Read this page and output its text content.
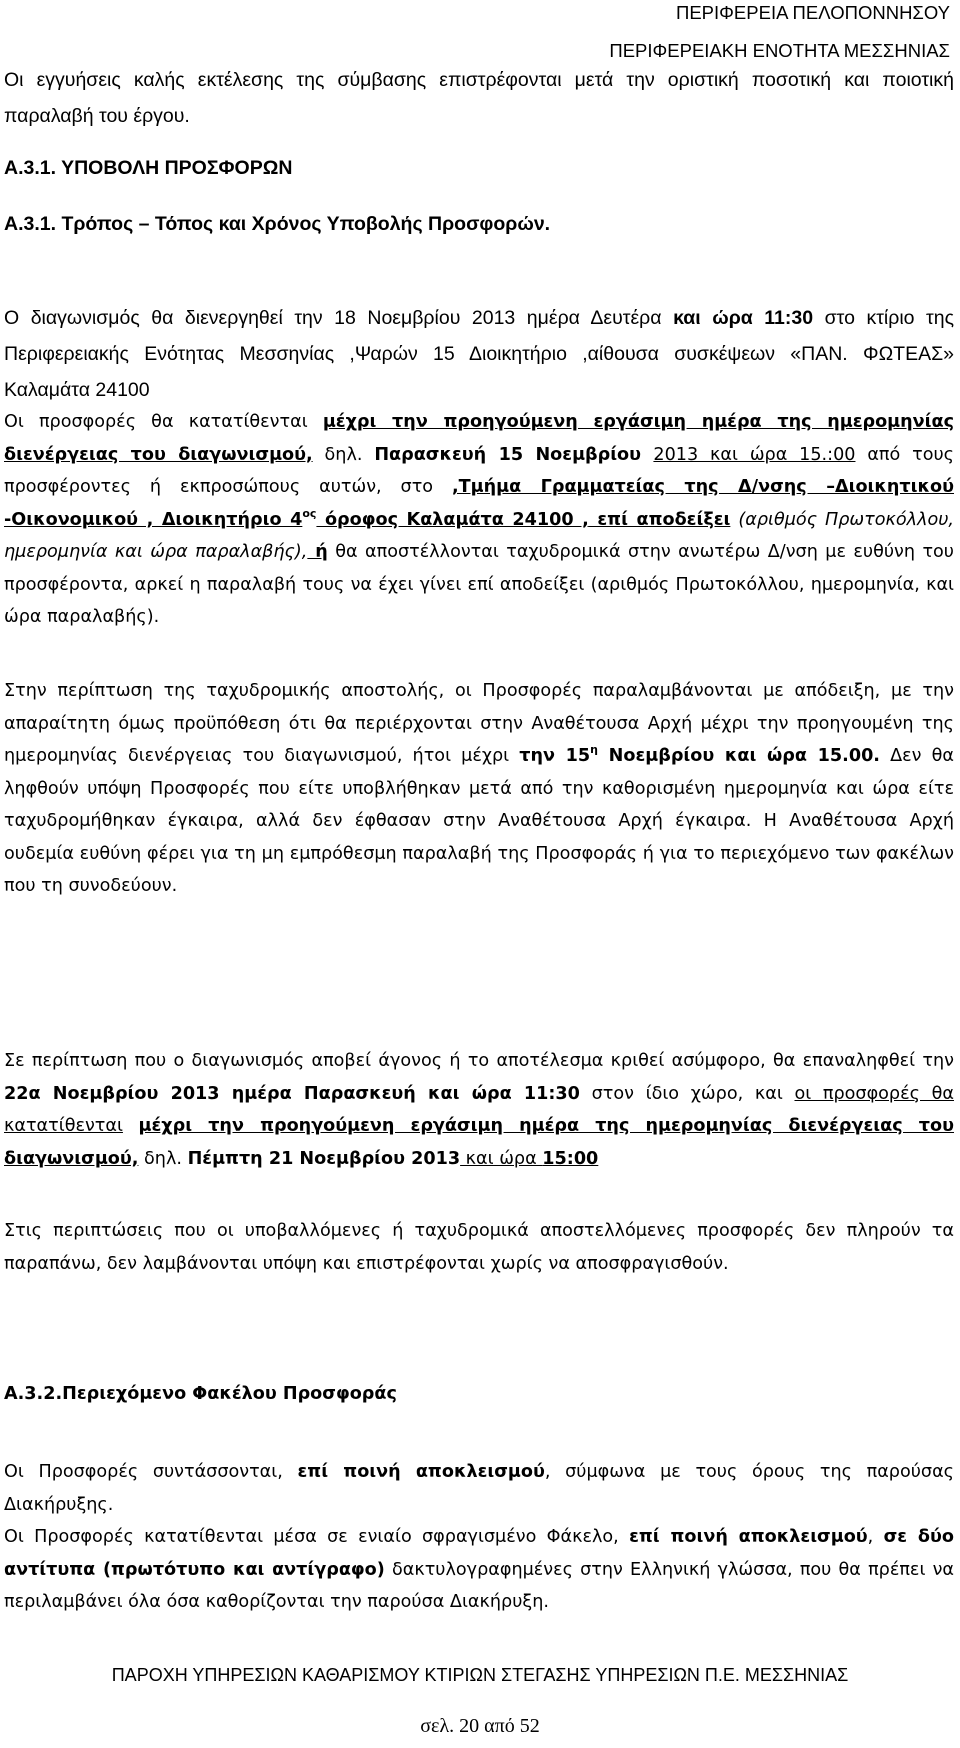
ΠΕΡΙΦΕΡΕΙΑ ΠΕΛΟΠΟΝΝΗΣΟΥ
ΠΕΡΙΦΕΡΕΙΑΚΗ ΕΝΟΤΗΤΑ ΜΕΣΣΗΝΙΑΣ
Οι εγγυήσεις καλής εκτέλεσης της σύμβασης επιστρέφονται μετά την οριστική ποσοτική και ποιοτική παραλαβή του έργου.
Α.3.1. ΥΠΟΒΟΛΗ ΠΡΟΣΦΟΡΩΝ
Α.3.1. Τρόπος – Τόπος και Χρόνος Υποβολής Προσφορών.
Ο διαγωνισμός θα διενεργηθεί την 18 Νοεμβρίου 2013 ημέρα Δευτέρα και ώρα 11:30 στο κτίριο της Περιφερειακής Ενότητας Μεσσηνίας ,Ψαρών 15 Διοικητήριο ,αίθουσα συσκέψεων «ΠΑΝ. ΦΩΤΕΑΣ» Καλαμάτα 24100
Οι προσφορές θα κατατίθενται μέχρι την προηγούμενη εργάσιμη ημέρα της ημερομηνίας διενέργειας του διαγωνισμού, δηλ. Παρασκευή 15 Νοεμβρίου 2013 και ώρα 15.:00 από τους προσφέροντες ή εκπροσώπους αυτών, στο ,Τμήμα Γραμματείας της Δ/νσης –Διοικητικού -Οικονομικού , Διοικητήριο $4^{o\varsigma}$ όροφος Καλαμάτα 24100 , επί αποδείξει (αριθμός Πρωτοκόλλου, ημερομηνία και ώρα παραλαβής), ή θα αποστέλλονται ταχυδρομικά στην ανωτέρω Δ/νση με ευθύνη του προσφέροντα, αρκεί η παραλαβή τους να έχει γίνει επί αποδείξει (αριθμός Πρωτοκόλλου, ημερομηνία, και ώρα παραλαβής).
Στην περίπτωση της ταχυδρομικής αποστολής, οι Προσφορές παραλαμβάνονται με απόδειξη, με την απαραίτητη όμως προϋπόθεση ότι θα περιέρχονται στην Αναθέτουσα Αρχή μέχρι την προηγουμένη της ημερομηνίας διενέργειας του διαγωνισμού, ήτοι μέχρι την $15^\eta$ Νοεμβρίου και ώρα 15.00. Δεν θα ληφθούν υπόψη Προσφορές που είτε υποβλήθηκαν μετά από την καθορισμένη ημερομηνία και ώρα είτε ταχυδρομήθηκαν έγκαιρα, αλλά δεν έφθασαν στην Αναθέτουσα Αρχή έγκαιρα. Η Αναθέτουσα Αρχή ουδεμία ευθύνη φέρει για τη μη εμπρόθεσμη παραλαβή της Προσφοράς ή για το περιεχόμενο των φακέλων που τη συνοδεύουν.
Σε περίπτωση που ο διαγωνισμός αποβεί άγονος ή το αποτέλεσμα κριθεί ασύμφορο, θα επαναληφθεί την 22α Νοεμβρίου 2013 ημέρα Παρασκευή και ώρα 11:30 στον ίδιο χώρο, και οι προσφορές θα κατατίθενται μέχρι την προηγούμενη εργάσιμη ημέρα της ημερομηνίας διενέργειας του διαγωνισμού, δηλ. Πέμπτη 21 Νοεμβρίου 2013 και ώρα 15:00
Στις περιπτώσεις που οι υποβαλλόμενες ή ταχυδρομικά αποστελλόμενες προσφορές δεν πληρούν τα παραπάνω, δεν λαμβάνονται υπόψη και επιστρέφονται χωρίς να αποσφραγισθούν.
Α.3.2.Περιεχόμενο Φακέλου Προσφοράς
Οι Προσφορές συντάσσονται, επί ποινή αποκλεισμού, σύμφωνα με τους όρους της παρούσας Διακήρυξης.
Οι Προσφορές κατατίθενται μέσα σε ενιαίο σφραγισμένο Φάκελο, επί ποινή αποκλεισμού, σε δύο αντίτυπα (πρωτότυπο και αντίγραφο) δακτυλογραφημένες στην Ελληνική γλώσσα, που θα πρέπει να περιλαμβάνει όλα όσα καθορίζονται την παρούσα Διακήρυξη.
ΠΑΡΟΧΗ ΥΠΗΡΕΣΙΩΝ ΚΑΘΑΡΙΣΜΟΥ ΚΤΙΡΙΩΝ ΣΤΕΓΑΣΗΣ ΥΠΗΡΕΣΙΩΝ Π.Ε. ΜΕΣΣΗΝΙΑΣ
σελ. 20 από 52
